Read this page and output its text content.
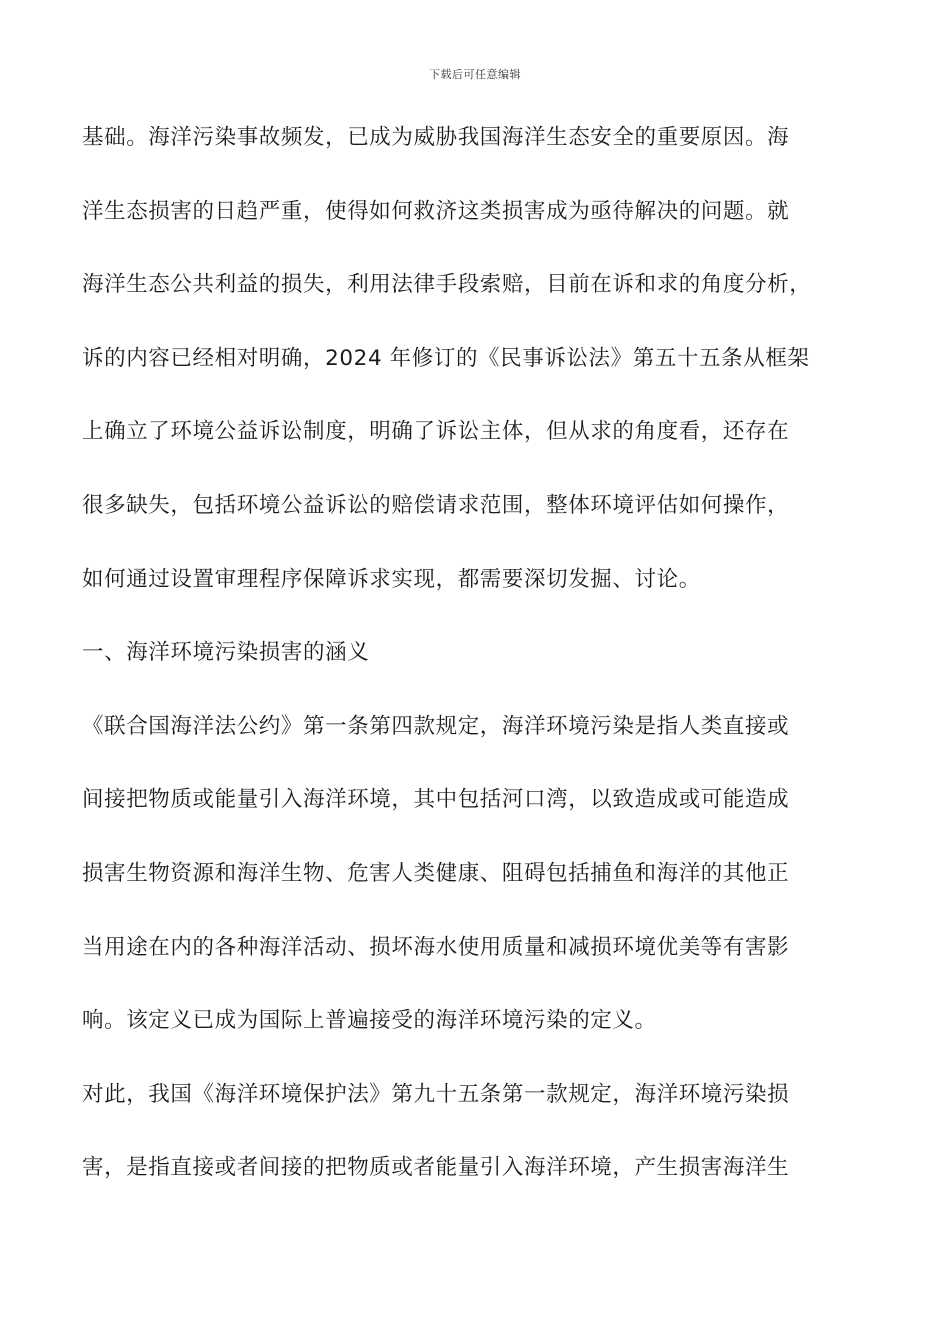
下载后可任意编辑
基础。海洋污染事故频发，已成为威胁我国海洋生态安全的重要原因。海
洋生态损害的日趋严重，使得如何救济这类损害成为亟待解决的问题。就
海洋生态公共利益的损失，利用法律手段索赔，目前在诉和求的角度分析，
诉的内容已经相对明确，2024 年修订的《民事诉讼法》第五十五条从框架
上确立了环境公益诉讼制度，明确了诉讼主体，但从求的角度看，还存在
很多缺失，包括环境公益诉讼的赔偿请求范围，整体环境评估如何操作，
如何通过设置审理程序保障诉求实现，都需要深切发掘、讨论。
一、海洋环境污染损害的涵义
《联合国海洋法公约》第一条第四款规定，海洋环境污染是指人类直接或
间接把物质或能量引入海洋环境，其中包括河口湾，以致造成或可能造成
损害生物资源和海洋生物、危害人类健康、阻碍包括捕鱼和海洋的其他正
当用途在内的各种海洋活动、损坏海水使用质量和减损环境优美等有害影
响。该定义已成为国际上普遍接受的海洋环境污染的定义。
对此，我国《海洋环境保护法》第九十五条第一款规定，海洋环境污染损
害，是指直接或者间接的把物质或者能量引入海洋环境，产生损害海洋生
